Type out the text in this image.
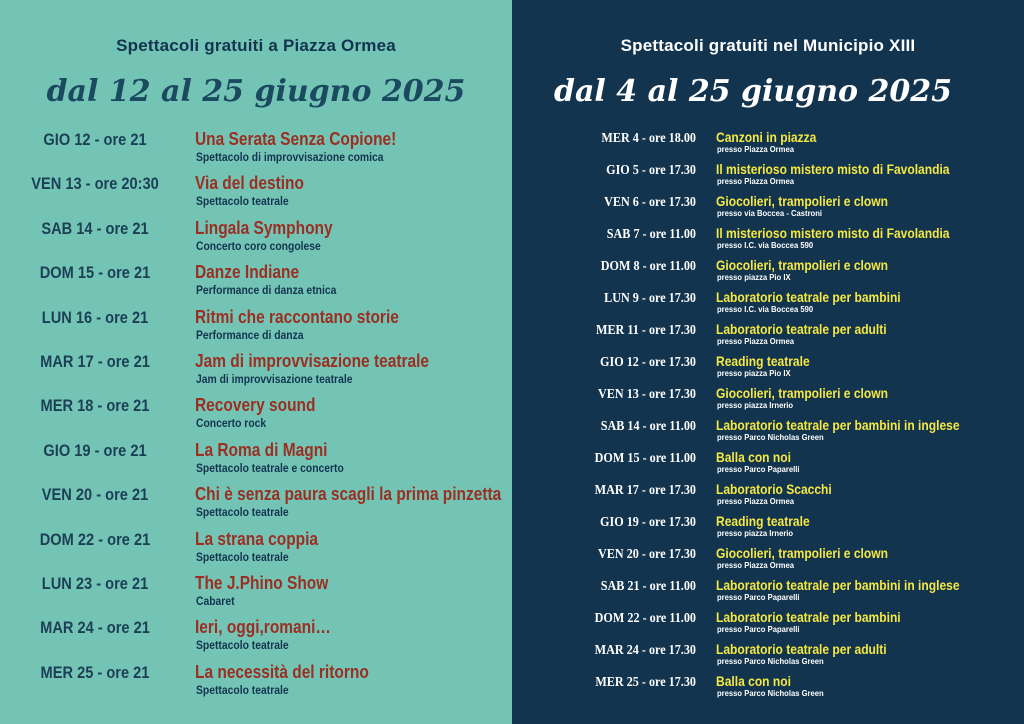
Spettacoli gratuiti a Piazza Ormea
dal 12 al 25 giugno 2025
GIO 12 - ore 21	Una Serata Senza Copione!
Spettacolo di improvvisazione comica
VEN 13 - ore 20:30	Via del destino
Spettacolo teatrale
SAB 14 - ore 21	Lingala Symphony
Concerto coro congolese
DOM 15 - ore 21	Danze Indiane
Performance di danza etnica
LUN 16 - ore 21	Ritmi che raccontano storie
Performance di danza
MAR 17 - ore 21	Jam di improvvisazione teatrale
Jam di improvvisazione teatrale
MER 18 - ore 21	Recovery sound
Concerto rock
GIO 19 - ore 21	La Roma di Magni
Spettacolo teatrale e concerto
VEN 20 - ore 21	Chi è senza paura scagli la prima pinzetta
Spettacolo teatrale
DOM 22 - ore 21	La strana coppia
Spettacolo teatrale
LUN 23 - ore 21	The J.Phino Show
Cabaret
MAR 24 - ore 21	Ieri, oggi,romani…
Spettacolo teatrale
MER 25 - ore 21	La necessità del ritorno
Spettacolo teatrale
Spettacoli gratuiti nel Municipio XIII
dal 4 al 25 giugno 2025
MER 4 - ore 18.00 Canzoni in piazza
presso Piazza Ormea
GIO 5 - ore 17.30 Il misterioso mistero misto di Favolandia
presso Piazza Ormea
VEN 6 - ore 17.30 Giocolieri, trampolieri e clown
presso via Boccea - Castroni
SAB 7 - ore 11.00 Il misterioso mistero misto di Favolandia
presso I.C. via Boccea 590
DOM 8 - ore 11.00 Giocolieri, trampolieri e clown
presso piazza Pio IX
LUN 9 - ore 17.30 Laboratorio teatrale per bambini
presso I.C. via Boccea 590
MER 11 - ore 17.30 Laboratorio teatrale per adulti
presso Piazza Ormea
GIO 12 - ore 17.30 Reading teatrale
presso piazza Pio IX
VEN 13 - ore 17.30 Giocolieri, trampolieri e clown
presso piazza Irnerio
SAB 14 - ore 11.00 Laboratorio teatrale per bambini in inglese
presso Parco Nicholas Green
DOM 15 - ore 11.00 Balla con noi
presso Parco Paparelli
MAR 17 - ore 17.30 Laboratorio Scacchi
presso Piazza Ormea
GIO 19 - ore 17.30 Reading teatrale
presso piazza Irnerio
VEN 20 - ore 17.30 Giocolieri, trampolieri e clown
presso Piazza Ormea
SAB 21 - ore 11.00 Laboratorio teatrale per bambini in inglese
presso Parco Paparelli
DOM 22 - ore 11.00 Laboratorio teatrale per bambini
presso Parco Paparelli
MAR 24 - ore 17.30 Laboratorio teatrale per adulti
presso Parco Nicholas Green
MER 25 - ore 17.30 Balla con noi
presso Parco Nicholas Green
